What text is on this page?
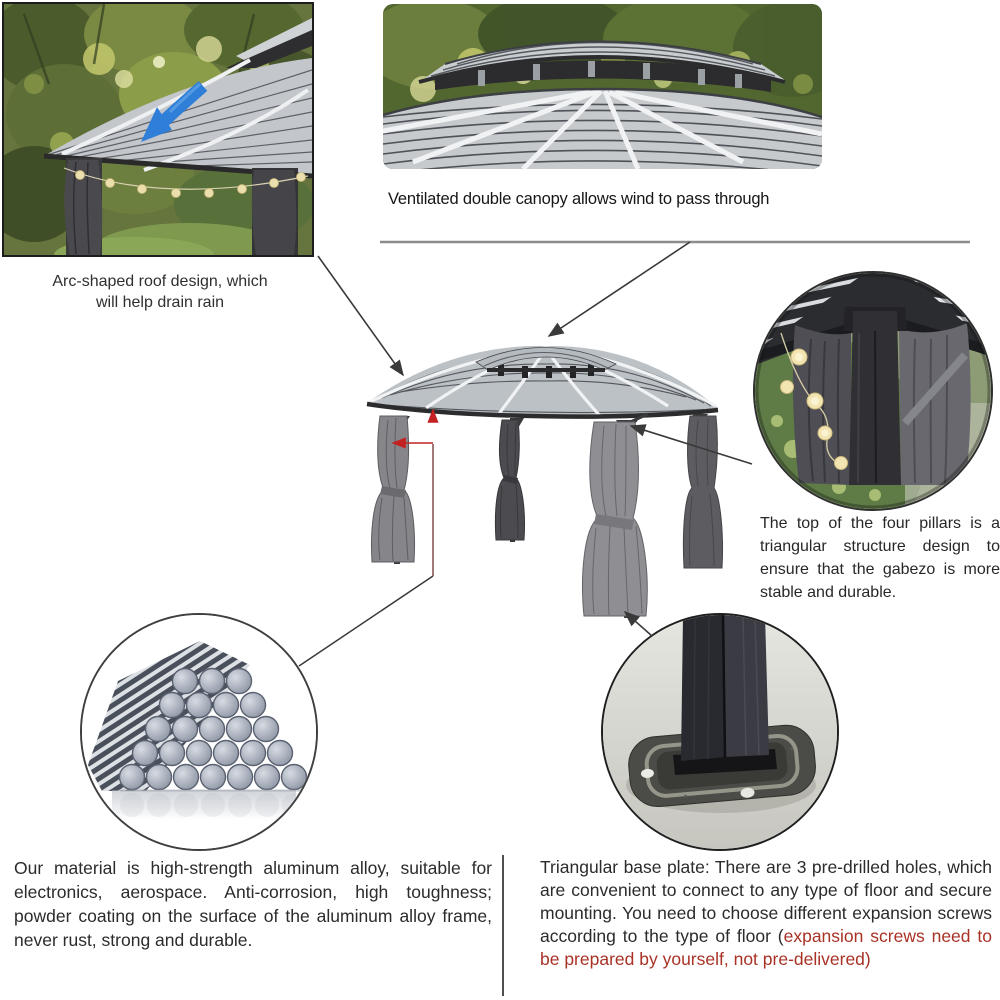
Arc-shaped roof design, which
will help drain rain
Ventilated double canopy allows wind to pass through
The top of the four pillars is a triangular structure design to ensure that the gabezo is more stable and durable.
Our material is high-strength aluminum alloy, suitable for electronics, aerospace. Anti-corrosion, high toughness; powder coating on the surface of the aluminum alloy frame, never rust, strong and durable.
Triangular base plate: There are 3 pre-drilled holes, which are convenient to connect to any type of floor and secure mounting. You need to choose different expansion screws according to the type of floor (expansion screws need to be prepared by yourself, not pre-delivered)
